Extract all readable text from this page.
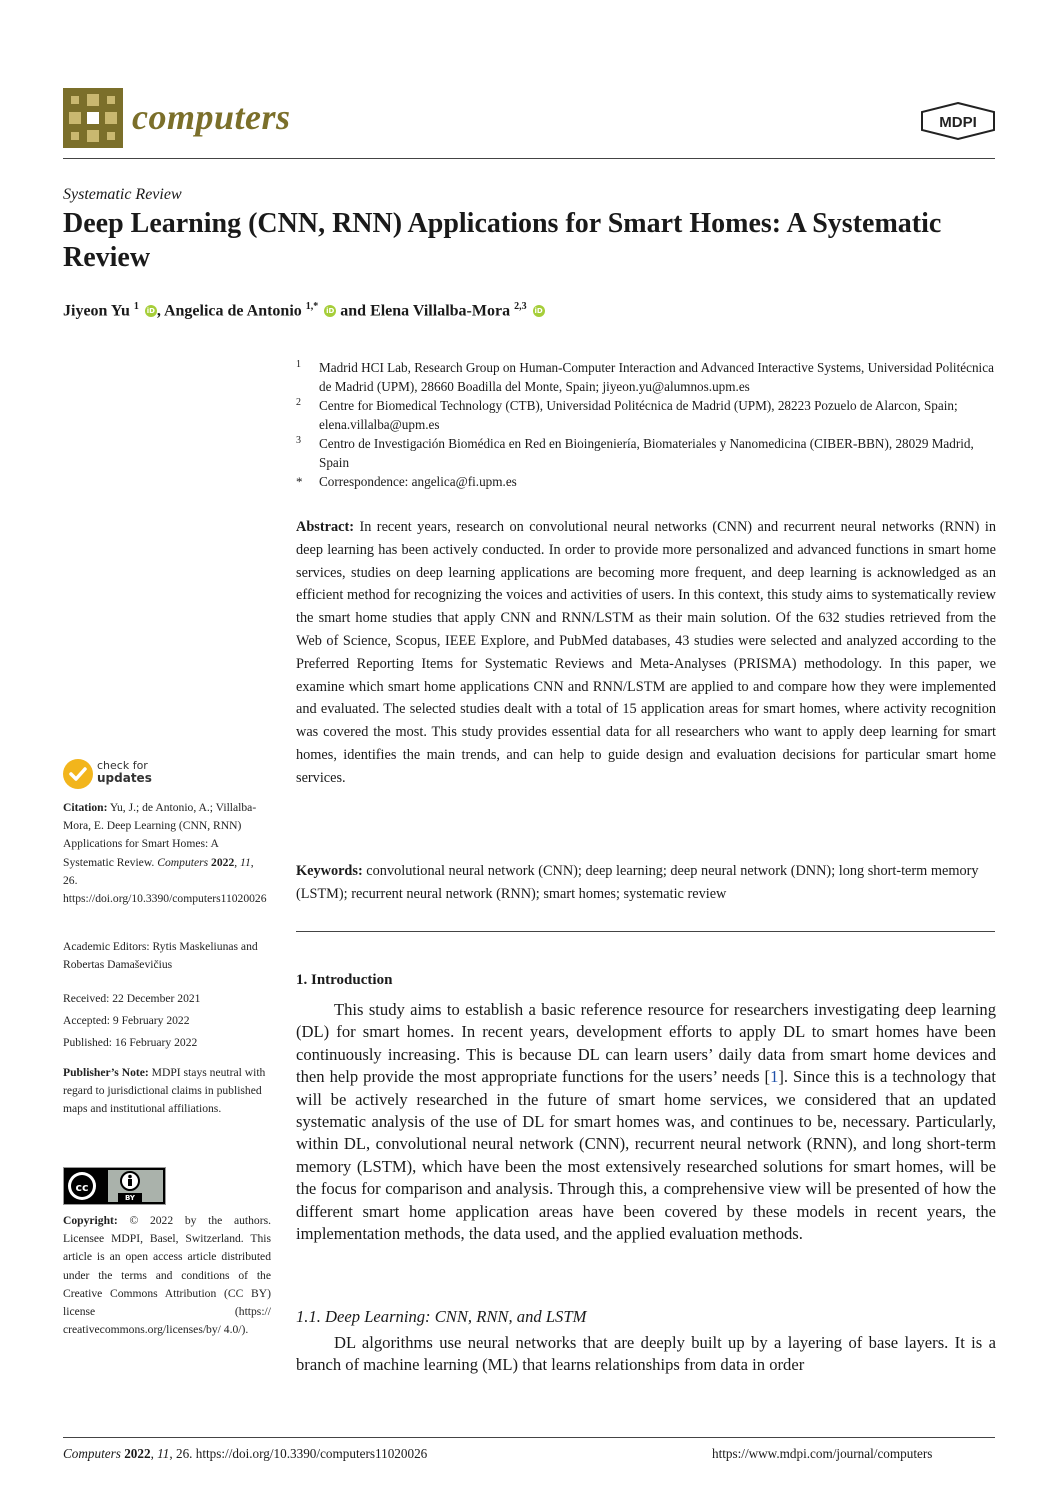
computers	MDPI
Systematic Review
Deep Learning (CNN, RNN) Applications for Smart Homes: A Systematic Review
Jiyeon Yu $^1$ iD , Angelica de Antonio $^{1,*}$ iD and Elena Villalba-Mora $^{2,3}$ iD
1 Madrid HCI Lab, Research Group on Human-Computer Interaction and Advanced Interactive Systems, Universidad Politécnica de Madrid (UPM), 28660 Boadilla del Monte, Spain; jiyeon.yu@alumnos.upm.es
2 Centre for Biomedical Technology (CTB), Universidad Politécnica de Madrid (UPM), 28223 Pozuelo de Alarcon, Spain; elena.villalba@upm.es
3 Centro de Investigación Biomédica en Red en Bioingeniería, Biomateriales y Nanomedicina (CIBER-BBN), 28029 Madrid, Spain
* Correspondence: angelica@fi.upm.es
Abstract: In recent years, research on convolutional neural networks (CNN) and recurrent neural networks (RNN) in deep learning has been actively conducted. In order to provide more personalized and advanced functions in smart home services, studies on deep learning applications are becoming more frequent, and deep learning is acknowledged as an efficient method for recognizing the voices and activities of users. In this context, this study aims to systematically review the smart home studies that apply CNN and RNN/LSTM as their main solution. Of the 632 studies retrieved from the Web of Science, Scopus, IEEE Explore, and PubMed databases, 43 studies were selected and analyzed according to the Preferred Reporting Items for Systematic Reviews and Meta-Analyses (PRISMA) methodology. In this paper, we examine which smart home applications CNN and RNN/LSTM are applied to and compare how they were implemented and evaluated. The selected studies dealt with a total of 15 application areas for smart homes, where activity recognition was covered the most. This study provides essential data for all researchers who want to apply deep learning for smart homes, identifies the main trends, and can help to guide design and evaluation decisions for particular smart home services.
Keywords: convolutional neural network (CNN); deep learning; deep neural network (DNN); long short-term memory (LSTM); recurrent neural network (RNN); smart homes; systematic review
1. Introduction
This study aims to establish a basic reference resource for researchers investigating deep learning (DL) for smart homes. In recent years, development efforts to apply DL to smart homes have been continuously increasing. This is because DL can learn users’ daily data from smart home devices and then help provide the most appropriate functions for the users’ needs [1]. Since this is a technology that will be actively researched in the future of smart home services, we considered that an updated systematic analysis of the use of DL for smart homes was, and continues to be, necessary. Particularly, within DL, convolutional neural network (CNN), recurrent neural network (RNN), and long short-term memory (LSTM), which have been the most extensively researched solutions for smart homes, will be the focus for comparison and analysis. Through this, a comprehensive view will be presented of how the different smart home application areas have been covered by these models in recent years, the implementation methods, the data used, and the applied evaluation methods.
1.1. Deep Learning: CNN, RNN, and LSTM
DL algorithms use neural networks that are deeply built up by a layering of base layers. It is a branch of machine learning (ML) that learns relationships from data in order
check for
updates
Citation: Yu, J.; de Antonio, A.; Villalba-Mora, E. Deep Learning (CNN, RNN) Applications for Smart Homes: A Systematic Review. Computers 2022, 11, 26. https://doi.org/10.3390/computers11020026
Academic Editors: Rytis Maskeliunas and Robertas Damaševičius
Received: 22 December 2021
Accepted: 9 February 2022
Published: 16 February 2022
Publisher’s Note: MDPI stays neutral with regard to jurisdictional claims in published maps and institutional affiliations.
cc
BY
Copyright: © 2022 by the authors. Licensee MDPI, Basel, Switzerland. This article is an open access article distributed under the terms and conditions of the Creative Commons Attribution (CC BY) license (https:// creativecommons.org/licenses/by/ 4.0/).
Computers 2022, 11, 26. https://doi.org/10.3390/computers11020026	https://www.mdpi.com/journal/computers
